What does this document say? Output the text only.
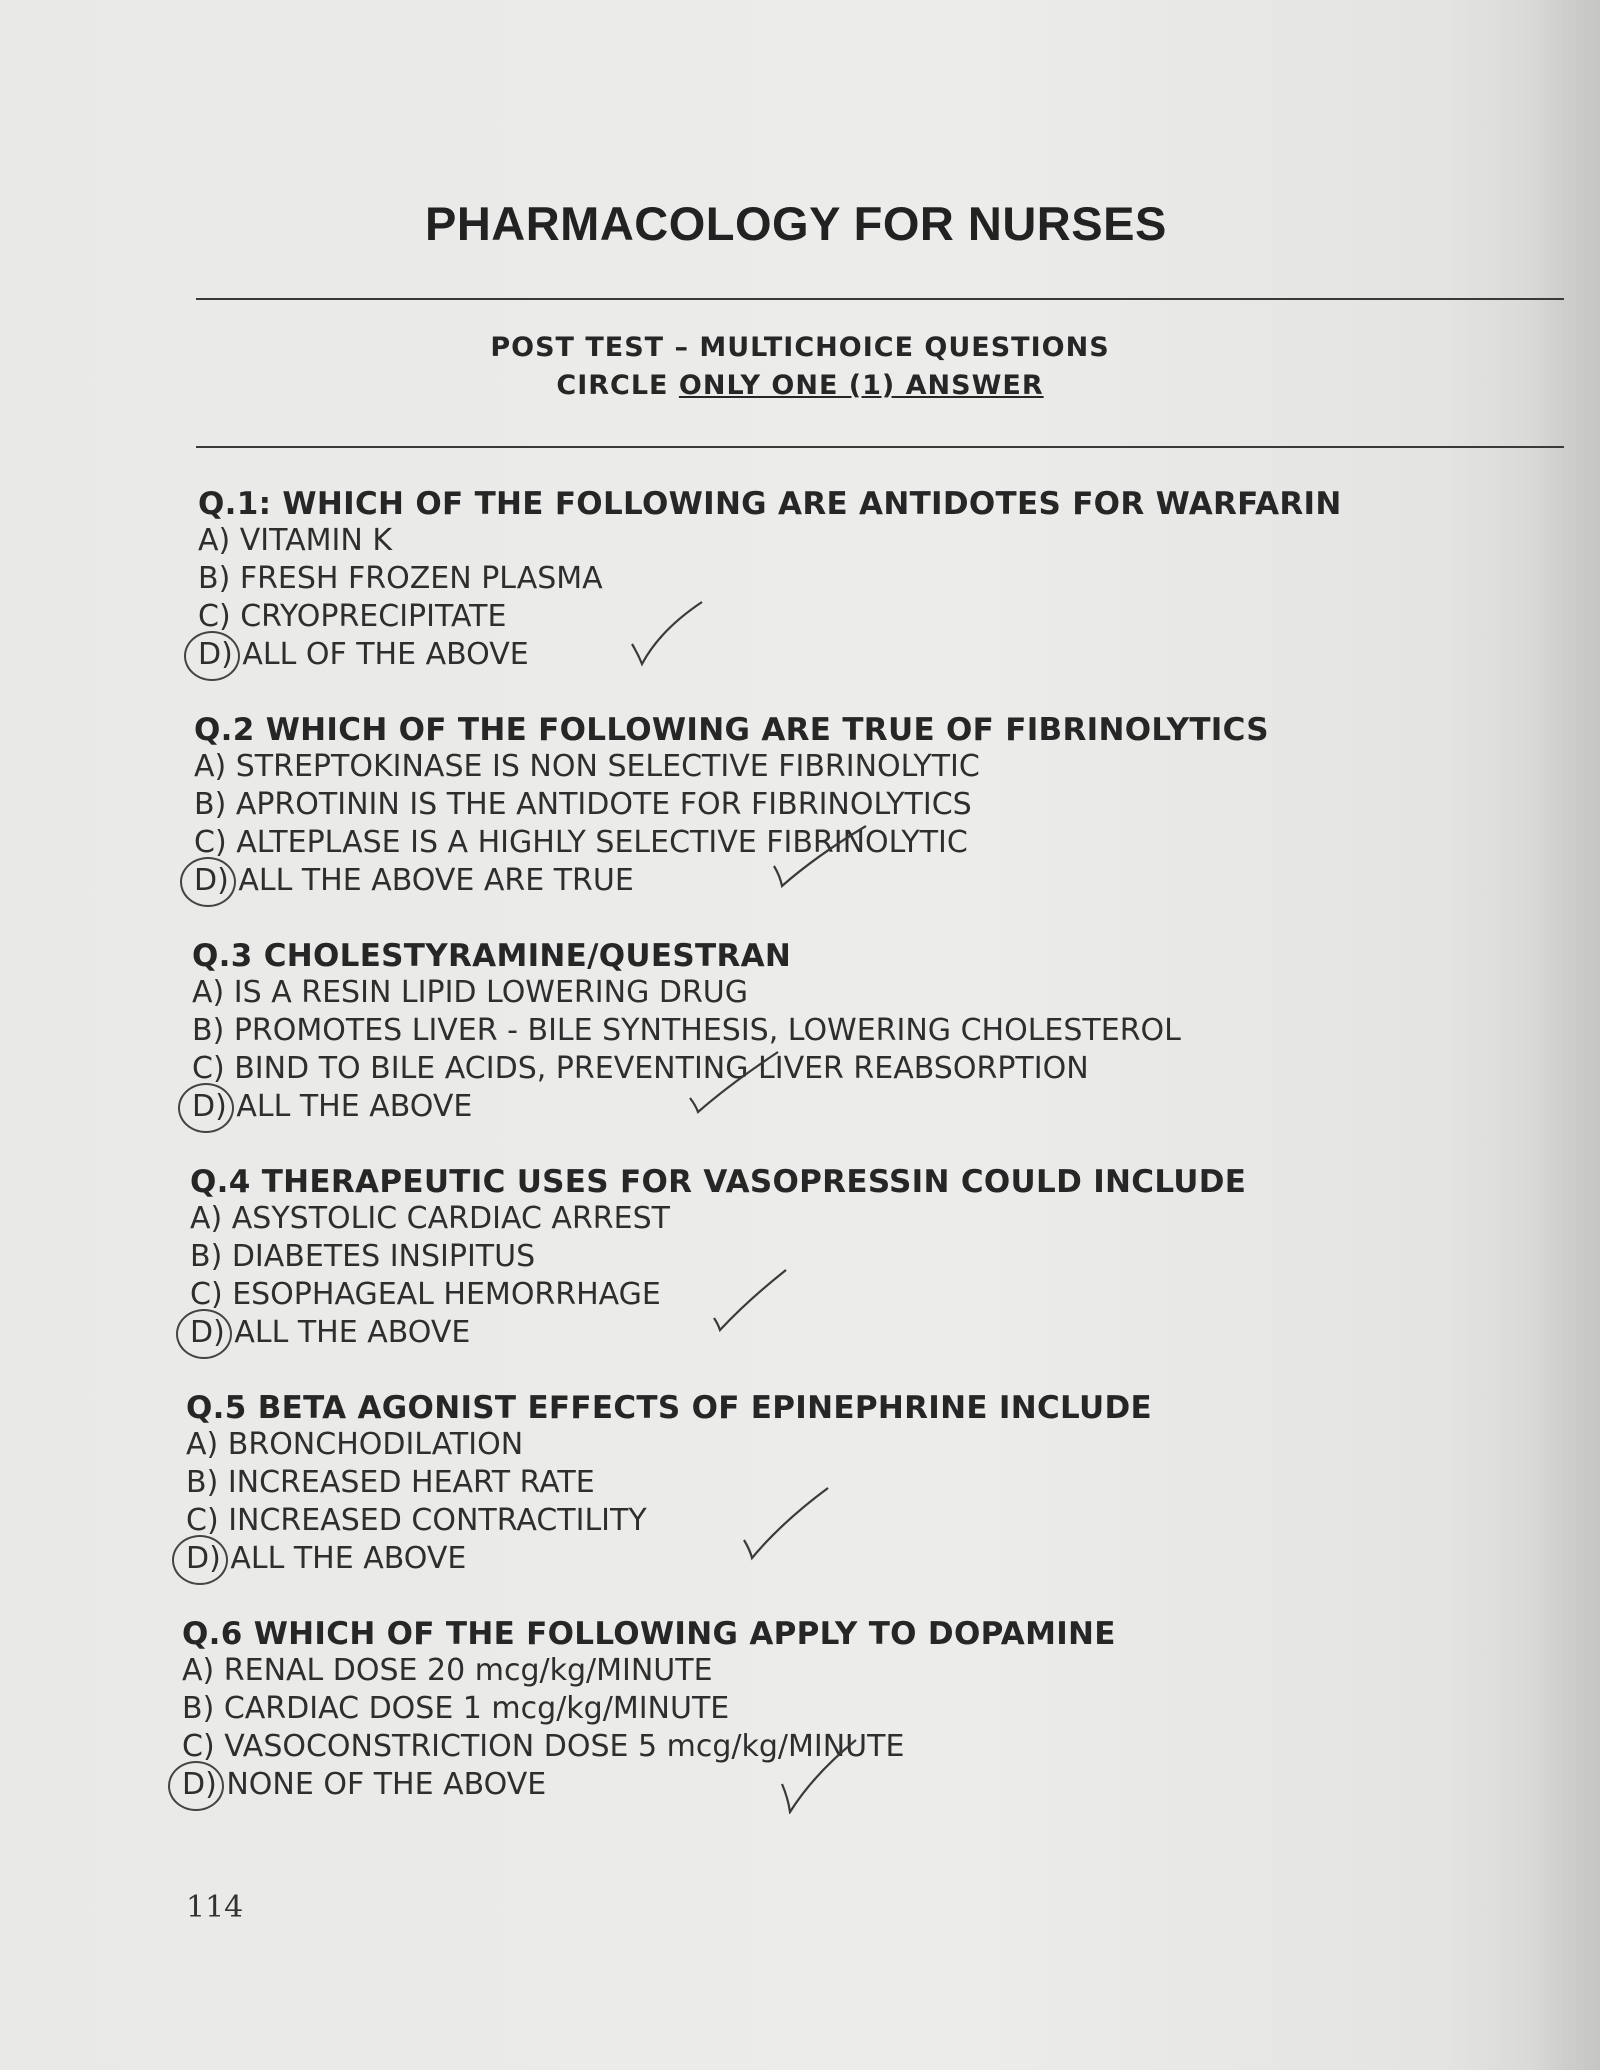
PHARMACOLOGY FOR NURSES
POST TEST – MULTICHOICE QUESTIONS
CIRCLE ONLY ONE (1) ANSWER
Q.1: WHICH OF THE FOLLOWING ARE ANTIDOTES FOR WARFARIN
A) VITAMIN K
B) FRESH FROZEN PLASMA
C) CRYOPRECIPITATE
D) ALL OF THE ABOVE
Q.2 WHICH OF THE FOLLOWING ARE TRUE OF FIBRINOLYTICS
A) STREPTOKINASE IS NON SELECTIVE FIBRINOLYTIC
B) APROTININ IS THE ANTIDOTE FOR FIBRINOLYTICS
C) ALTEPLASE IS A HIGHLY SELECTIVE FIBRINOLYTIC
D) ALL THE ABOVE ARE TRUE
Q.3 CHOLESTYRAMINE/QUESTRAN
A) IS A RESIN LIPID LOWERING DRUG
B) PROMOTES LIVER - BILE SYNTHESIS, LOWERING CHOLESTEROL
C) BIND TO BILE ACIDS, PREVENTING LIVER REABSORPTION
D) ALL THE ABOVE
Q.4 THERAPEUTIC USES FOR VASOPRESSIN COULD INCLUDE
A) ASYSTOLIC CARDIAC ARREST
B) DIABETES INSIPITUS
C) ESOPHAGEAL HEMORRHAGE
D) ALL THE ABOVE
Q.5 BETA AGONIST EFFECTS OF EPINEPHRINE INCLUDE
A) BRONCHODILATION
B) INCREASED HEART RATE
C) INCREASED CONTRACTILITY
D) ALL THE ABOVE
Q.6 WHICH OF THE FOLLOWING APPLY TO DOPAMINE
A) RENAL DOSE 20 mcg/kg/MINUTE
B) CARDIAC DOSE 1 mcg/kg/MINUTE
C) VASOCONSTRICTION DOSE 5 mcg/kg/MINUTE
D) NONE OF THE ABOVE
114
